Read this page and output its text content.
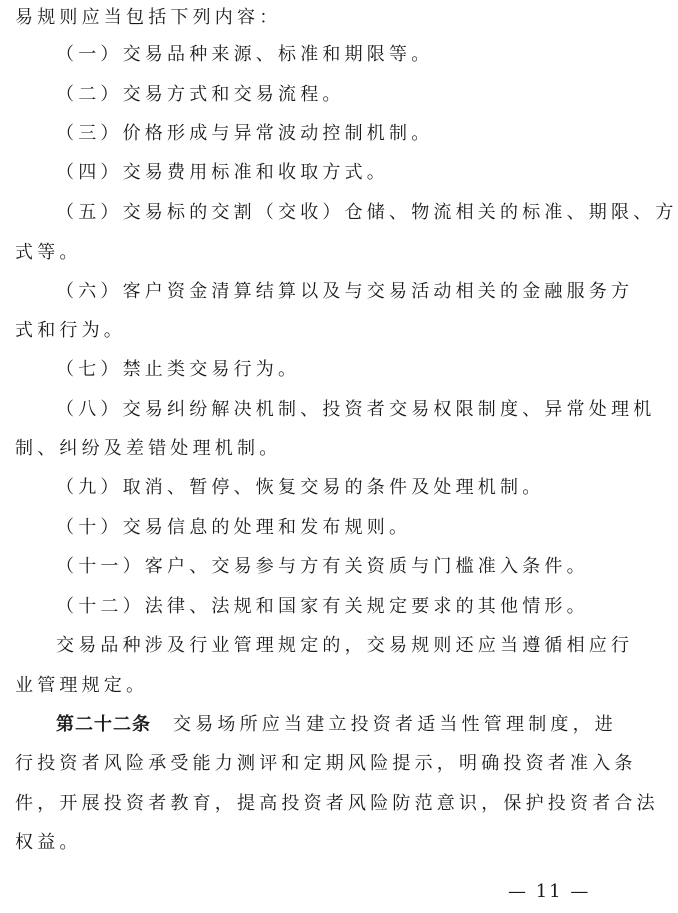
易规则应当包括下列内容：
（一）交易品种来源、标准和期限等。
（二）交易方式和交易流程。
（三）价格形成与异常波动控制机制。
（四）交易费用标准和收取方式。
（五）交易标的交割（交收）仓储、物流相关的标准、期限、方
式等。
（六）客户资金清算结算以及与交易活动相关的金融服务方
式和行为。
（七）禁止类交易行为。
（八）交易纠纷解决机制、投资者交易权限制度、异常处理机
制、纠纷及差错处理机制。
（九）取消、暂停、恢复交易的条件及处理机制。
（十）交易信息的处理和发布规则。
（十一）客户、交易参与方有关资质与门槛准入条件。
（十二）法律、法规和国家有关规定要求的其他情形。
交易品种涉及行业管理规定的，交易规则还应当遵循相应行
业管理规定。
第二十二条 交易场所应当建立投资者适当性管理制度，进
行投资者风险承受能力测评和定期风险提示，明确投资者准入条
件，开展投资者教育，提高投资者风险防范意识，保护投资者合法
权益。
— 11 —
